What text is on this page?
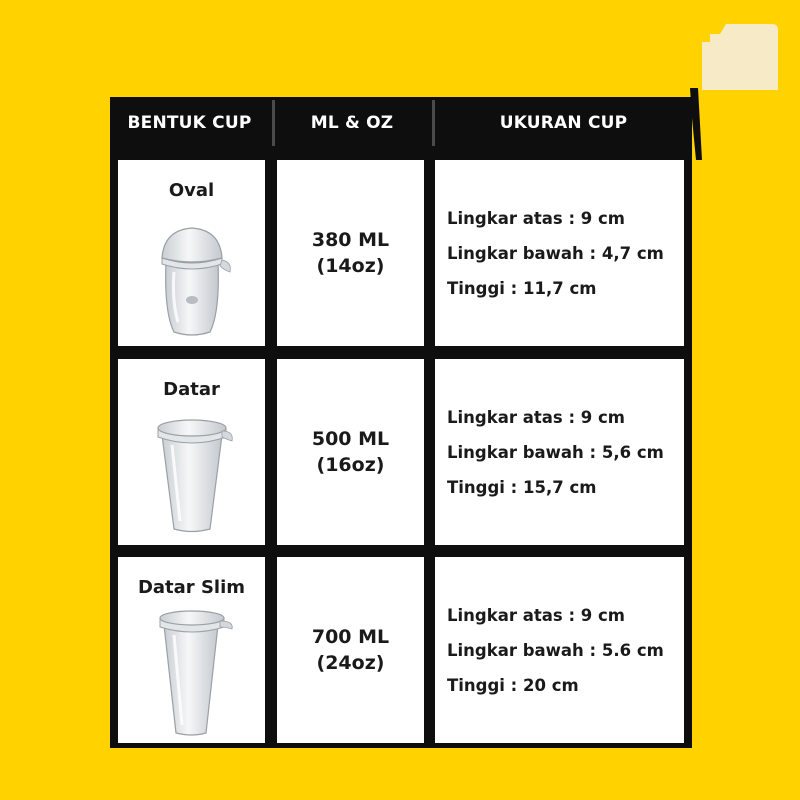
BENTUK CUP	ML & OZ	UKURAN CUP
Oval
380 ML
(14oz)
Lingkar atas : 9 cm
Lingkar bawah : 4,7 cm
Tinggi : 11,7 cm
Datar
500 ML
(16oz)
Lingkar atas : 9 cm
Lingkar bawah : 5,6 cm
Tinggi : 15,7 cm
Datar Slim
700 ML
(24oz)
Lingkar atas : 9 cm
Lingkar bawah : 5.6 cm
Tinggi : 20 cm
